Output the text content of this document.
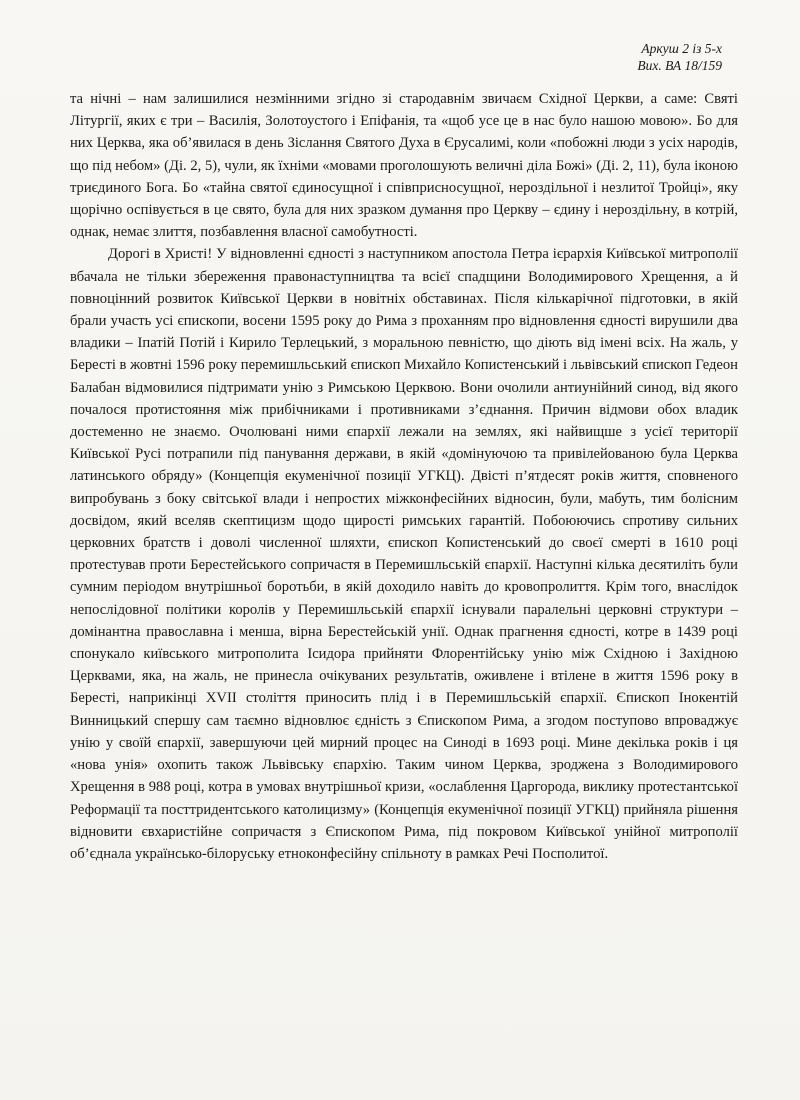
Аркуш 2 із 5-х
Вих. ВА 18/159

та нічні – нам залишилися незмінними згідно зі стародавнім звичаєм Східної Церкви, а саме: Святі Літургії, яких є три – Василія, Золотоустого і Епіфанія, та «щоб усе це в нас було нашою мовою». Бо для них Церква, яка об’явилася в день Зіслання Святого Духа в Єрусалимі, коли «побожні люди з усіх народів, що під небом» (Ді. 2, 5), чули, як їхніми «мовами проголошують величні діла Божі» (Ді. 2, 11), була іконою триєдиного Бога. Бо «тайна святої єдиносущної і співприсносущної, нероздільної і незлитої Тройці», яку щорічно оспівується в це свято, була для них зразком думання про Церкву – єдину і нероздільну, в котрій, однак, немає злиття, позбавлення власної самобутності.

Дорогі в Христі! У відновленні єдності з наступником апостола Петра ієрархія Київської митрополії вбачала не тільки збереження правонаступництва та всієї спадщини Володимирового Хрещення, а й повноцінний розвиток Київської Церкви в новітніх обставинах. Після кількарічної підготовки, в якій брали участь усі єпископи, восени 1595 року до Рима з проханням про відновлення єдності вирушили два владики – Іпатій Потій і Кирило Терлецький, з моральною певністю, що діють від імені всіх. На жаль, у Бересті в жовтні 1596 року перемишльський єпископ Михайло Копистенський і львівський єпископ Гедеон Балабан відмовилися підтримати унію з Римською Церквою. Вони очолили антиунійний синод, від якого почалося протистояння між прибічниками і противниками з’єднання. Причин відмови обох владик достеменно не знаємо. Очолювані ними єпархії лежали на землях, які найвищше з усієї території Київської Русі потрапили під панування держави, в якій «домінуючою та привілейованою була Церква латинського обряду» (Концепція екуменічної позиції УГКЦ). Двісті п’ятдесят років життя, сповненого випробувань з боку світської влади і непростих міжконфесійних відносин, були, мабуть, тим болісним досвідом, який вселяв скептицизм щодо щирості римських гарантій. Побоюючись спротиву сильних церковних братств і доволі численної шляхти, єпископ Копистенський до своєї смерті в 1610 році протестував проти Берестейського сопричастя в Перемишльській єпархії. Наступні кілька десятиліть були сумним періодом внутрішньої боротьби, в якій доходило навіть до кровопролиття. Крім того, внаслідок непослідовної політики королів у Перемишльській єпархії існували паралельні церковні структури – домінантна православна і менша, вірна Берестейській унії. Однак прагнення єдності, котре в 1439 році спонукало київського митрополита Ісидора прийняти Флорентійську унію між Східною і Західною Церквами, яка, на жаль, не принесла очікуваних результатів, оживлене і втілене в життя 1596 року в Бересті, наприкінці XVII століття приносить плід і в Перемишльській єпархії. Єпископ Інокентій Винницький спершу сам таємно відновлює єдність з Єпископом Рима, а згодом поступово впроваджує унію у своїй єпархії, завершуючи цей мирний процес на Синоді в 1693 році. Мине декілька років і ця «нова унія» охопить також Львівську єпархію. Таким чином Церква, зроджена з Володимирового Хрещення в 988 році, котра в умовах внутрішньої кризи, «ослаблення Царгорода, виклику протестантської Реформації та посттридентського католицизму» (Концепція екуменічної позиції УГКЦ) прийняла рішення відновити євхаристійне сопричастя з Єпископом Рима, під покровом Київської унійної митрополії об’єднала українсько-білоруську етноконфесійну спільноту в рамках Речі Посполитої.
